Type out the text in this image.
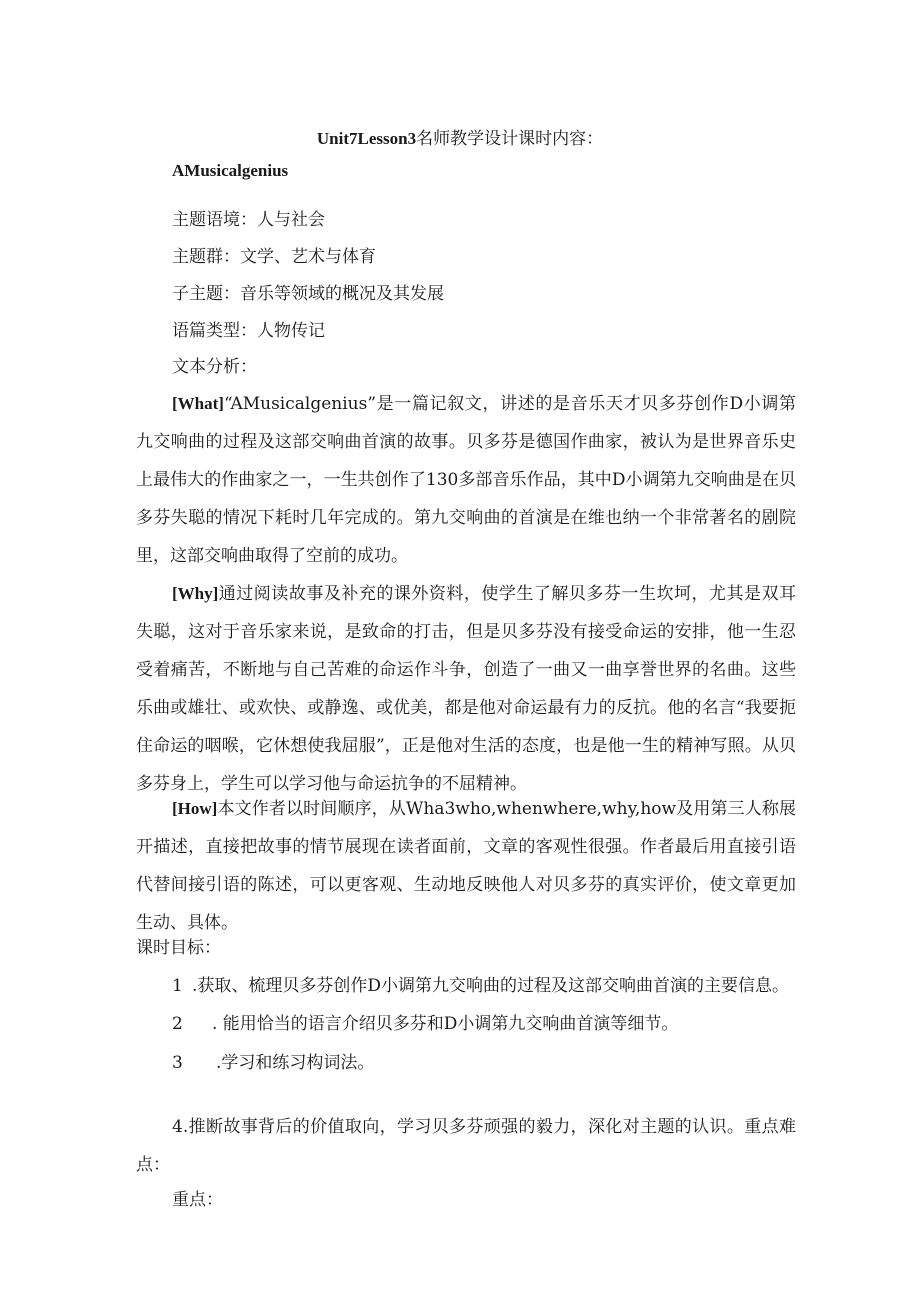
Unit7Lesson3名师教学设计课时内容：
AMusicalgenius
主题语境：人与社会
主题群：文学、艺术与体育
子主题：音乐等领域的概况及其发展
语篇类型：人物传记
文本分析：

[What]“AMusicalgenius”是一篇记叙文，讲述的是音乐天才贝多芬创作D小调第九交响曲的过程及这部交响曲首演的故事。贝多芬是德国作曲家，被认为是世界音乐史上最伟大的作曲家之一，一生共创作了130多部音乐作品，其中D小调第九交响曲是在贝多芬失聪的情况下耗时几年完成的。第九交响曲的首演是在维也纳一个非常著名的剧院里，这部交响曲取得了空前的成功。

[Why]通过阅读故事及补充的课外资料，使学生了解贝多芬一生坎坷，尤其是双耳失聪，这对于音乐家来说，是致命的打击，但是贝多芬没有接受命运的安排，他一生忍受着痛苦，不断地与自己苦难的命运作斗争，创造了一曲又一曲享誉世界的名曲。这些乐曲或雄壮、或欢快、或静逸、或优美，都是他对命运最有力的反抗。他的名言“我要扼住命运的咽喉，它休想使我屈服”，正是他对生活的态度，也是他一生的精神写照。从贝多芬身上，学生可以学习他与命运抗争的不屈精神。

[How]本文作者以时间顺序，从Wha3who,whenwhere,why,how及用第三人称展开描述，直接把故事的情节展现在读者面前，文章的客观性很强。作者最后用直接引语代替间接引语的陈述，可以更客观、生动地反映他人对贝多芬的真实评价，使文章更加生动、具体。

课时目标：
1 .获取、梳理贝多芬创作D小调第九交响曲的过程及这部交响曲首演的主要信息。
2 . 能用恰当的语言介绍贝多芬和D小调第九交响曲首演等细节。
3 .学习和练习构词法。

4.推断故事背后的价值取向，学习贝多芬顽强的毅力，深化对主题的认识。重点难点：

重点：
